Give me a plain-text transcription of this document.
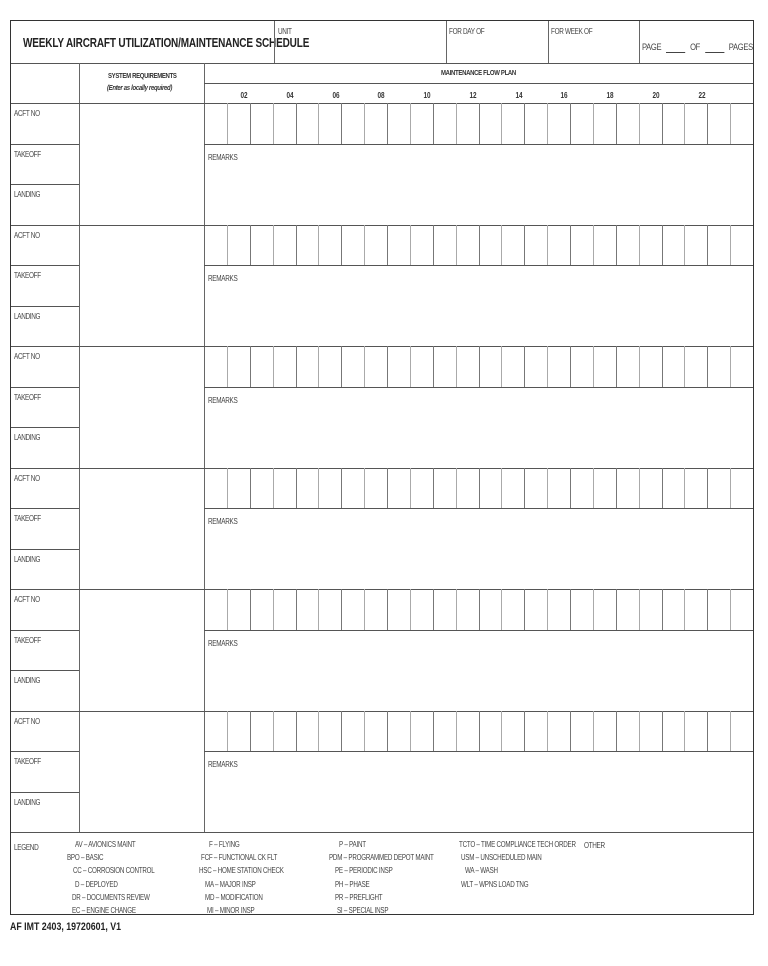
WEEKLY AIRCRAFT UTILIZATION/MAINTENANCE SCHEDULE
UNIT	FOR DAY OF	FOR WEEK OF
PAGE	OF	PAGES
SYSTEM REQUIREMENTS
(Enter as locally required)
MAINTENANCE FLOW PLAN
02	04	06	08	10	12	14	16	18	20	22
ACFT NO
TAKEOFF
LANDING
REMARKS
ACFT NO
TAKEOFF
LANDING
REMARKS
ACFT NO
TAKEOFF
LANDING
REMARKS
ACFT NO
TAKEOFF
LANDING
REMARKS
ACFT NO
TAKEOFF
LANDING
REMARKS
ACFT NO
TAKEOFF
LANDING
REMARKS
LEGEND	AV – AVIONICS MAINT
BPO – BASIC
CC – CORROSION CONTROL
D – DEPLOYED
DR – DOCUMENTS REVIEW
EC – ENGINE CHANGE
F – FLYING
FCF – FUNCTIONAL CK FLT
HSC – HOME STATION CHECK
MA – MAJOR INSP
MD – MODIFICATION
MI – MINOR INSP
P – PAINT
PDM – PROGRAMMED DEPOT MAINT
PE – PERIODIC INSP
PH – PHASE
PR – PREFLIGHT
SI – SPECIAL INSP
TCTO – TIME COMPLIANCE TECH ORDER
USM – UNSCHEDULED MAIN
WA – WASH
WLT – WPNS LOAD TNG
OTHER
AF IMT 2403, 19720601, V1
